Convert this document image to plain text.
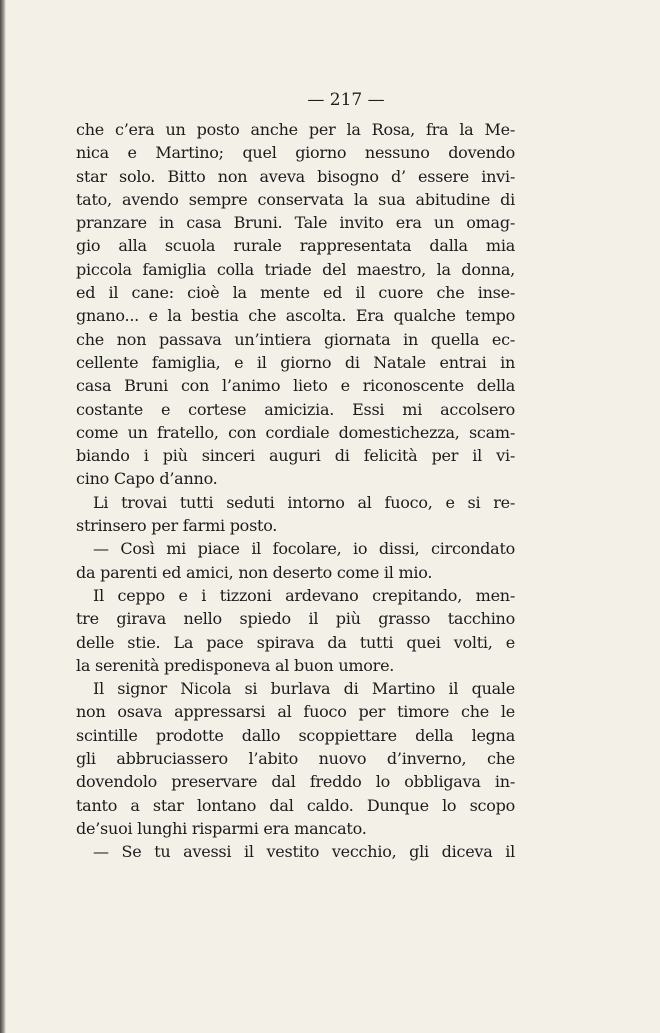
— 217 —
che c’era un posto anche per la Rosa, fra la Me-
nica e Martino; quel giorno nessuno dovendo
star solo. Bitto non aveva bisogno d’ essere invi-
tato, avendo sempre conservata la sua abitudine di
pranzare in casa Bruni. Tale invito era un omag-
gio alla scuola rurale rappresentata dalla mia
piccola famiglia colla triade del maestro, la donna,
ed il cane: cioè la mente ed il cuore che inse-
gnano... e la bestia che ascolta. Era qualche tempo
che non passava un’intiera giornata in quella ec-
cellente famiglia, e il giorno di Natale entrai in
casa Bruni con l’animo lieto e riconoscente della
costante e cortese amicizia. Essi mi accolsero
come un fratello, con cordiale domestichezza, scam-
biando i più sinceri auguri di felicità per il vi-
cino Capo d’anno.
Li trovai tutti seduti intorno al fuoco, e si re-
strinsero per farmi posto.
— Così mi piace il focolare, io dissi, circondato
da parenti ed amici, non deserto come il mio.
Il ceppo e i tizzoni ardevano crepitando, men-
tre girava nello spiedo il più grasso tacchino
delle stie. La pace spirava da tutti quei volti, e
la serenità predisponeva al buon umore.
Il signor Nicola si burlava di Martino il quale
non osava appressarsi al fuoco per timore che le
scintille prodotte dallo scoppiettare della legna
gli abbruciassero l’abito nuovo d’inverno, che
dovendolo preservare dal freddo lo obbligava in-
tanto a star lontano dal caldo. Dunque lo scopo
de’suoi lunghi risparmi era mancato.
— Se tu avessi il vestito vecchio, gli diceva il
